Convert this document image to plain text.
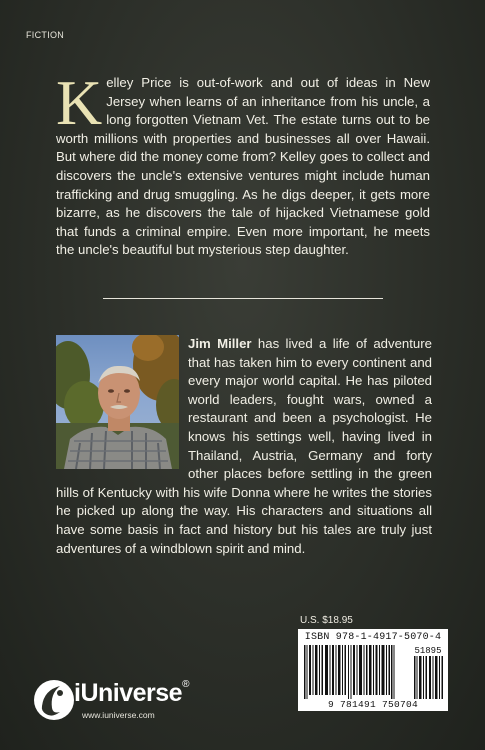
FICTION
Kelley Price is out-of-work and out of ideas in New Jersey when learns of an inheritance from his uncle, a long forgotten Vietnam Vet. The estate turns out to be worth millions with properties and businesses all over Hawaii. But where did the money come from? Kelley goes to collect and discovers the uncle's extensive ventures might include human trafficking and drug smuggling. As he digs deeper, it gets more bizarre, as he discovers the tale of hijacked Vietnamese gold that funds a criminal empire. Even more important, he meets the uncle's beautiful but mysterious step daughter.
Jim Miller has lived a life of adventure that has taken him to every continent and every major world capital. He has piloted world leaders, fought wars, owned a restaurant and been a psychologist. He knows his settings well, having lived in Thailand, Austria, Germany and forty other places before settling in the green hills of Kentucky with his wife Donna where he writes the stories he picked up along the way. His characters and situations all have some basis in fact and history but his tales are truly just adventures of a windblown spirit and mind.
U.S. $18.95
ISBN 978-1-4917-5070-4
51895
9 781491 750704
iUniverse®
www.iuniverse.com
